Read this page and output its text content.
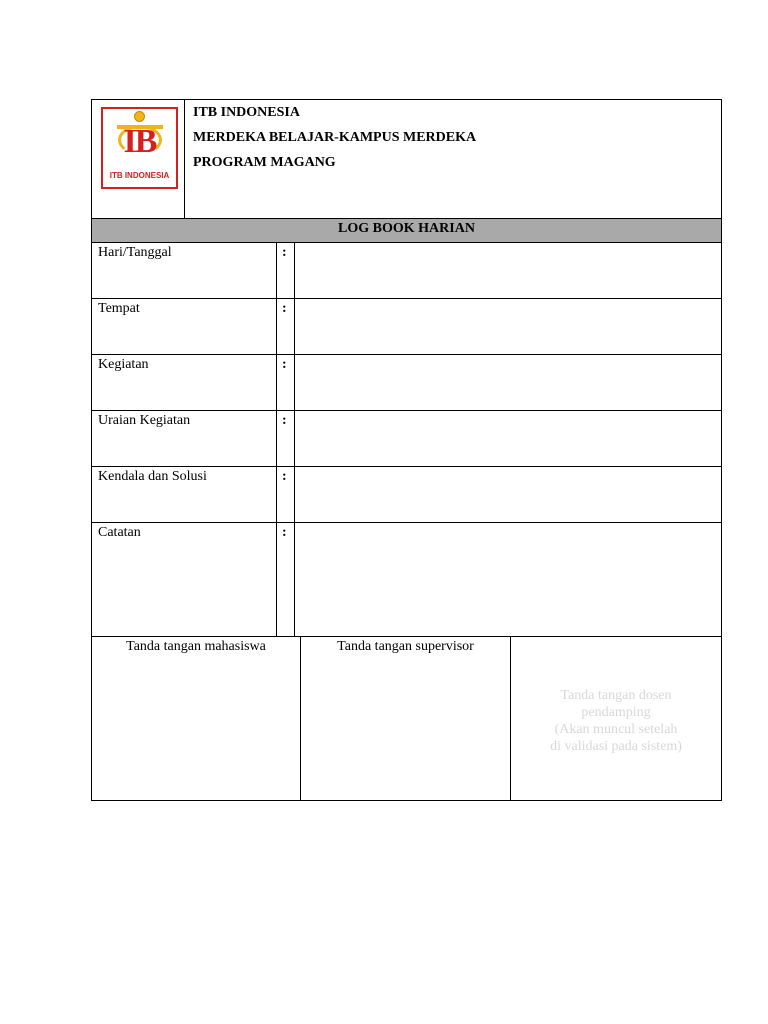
IB
ITB INDONESIA
ITB INDONESIA
MERDEKA BELAJAR-KAMPUS MERDEKA
PROGRAM MAGANG
LOG BOOK HARIAN
Hari/Tanggal	:
Tempat	:
Kegiatan	:
Uraian Kegiatan	:
Kendala dan Solusi	:
Catatan	:
Tanda tangan mahasiswa	Tanda tangan supervisor
Tanda tangan dosen
pendamping
(Akan muncul setelah
di validasi pada sistem)
